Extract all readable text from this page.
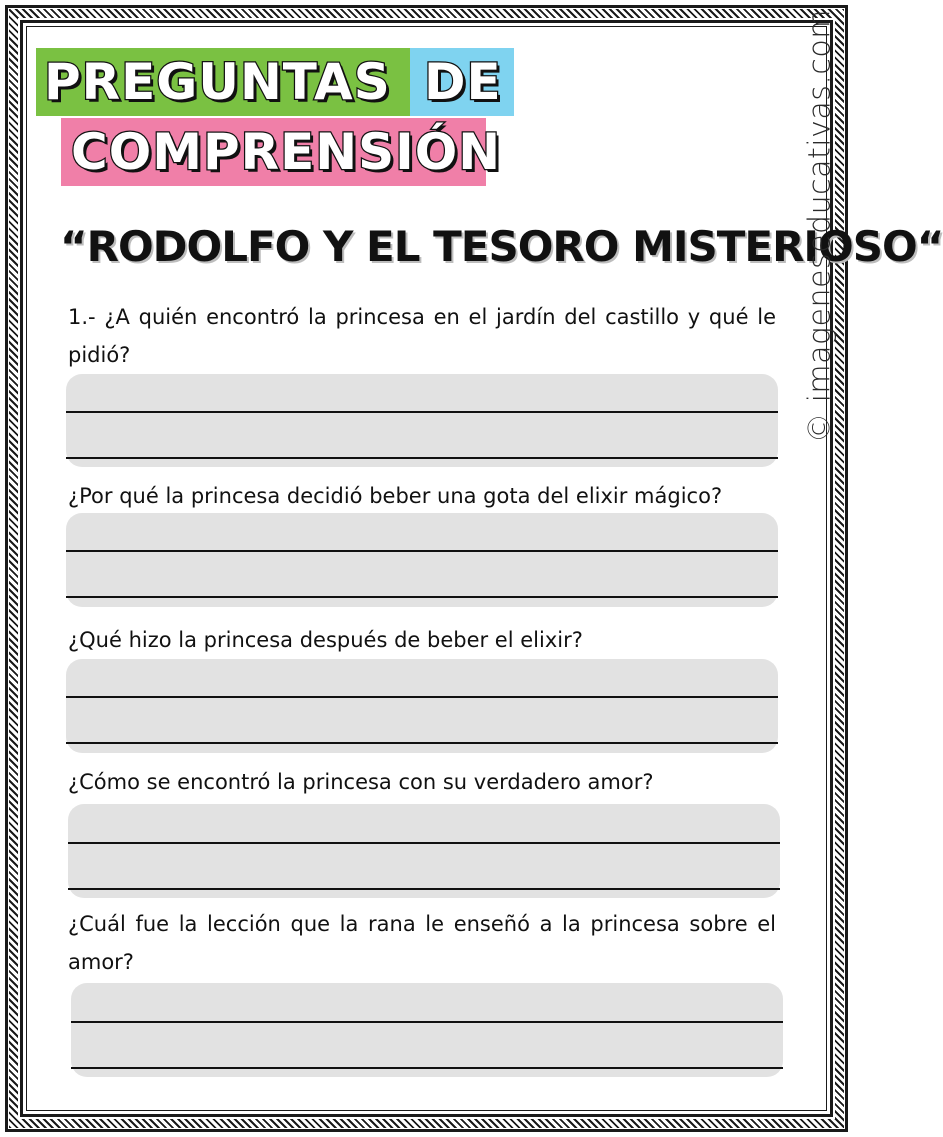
PREGUNTAS DE
COMPRENSIÓN
“RODOLFO Y EL TESORO MISTERIOSO“
© imageneseducativas.com
1.- ¿A quién encontró la princesa en el jardín del castillo y qué le pidió?
¿Por qué la princesa decidió beber una gota del elixir mágico?
¿Qué hizo la princesa después de beber el elixir?
¿Cómo se encontró la princesa con su verdadero amor?
¿Cuál fue la lección que la rana le enseñó a la princesa sobre el amor?
